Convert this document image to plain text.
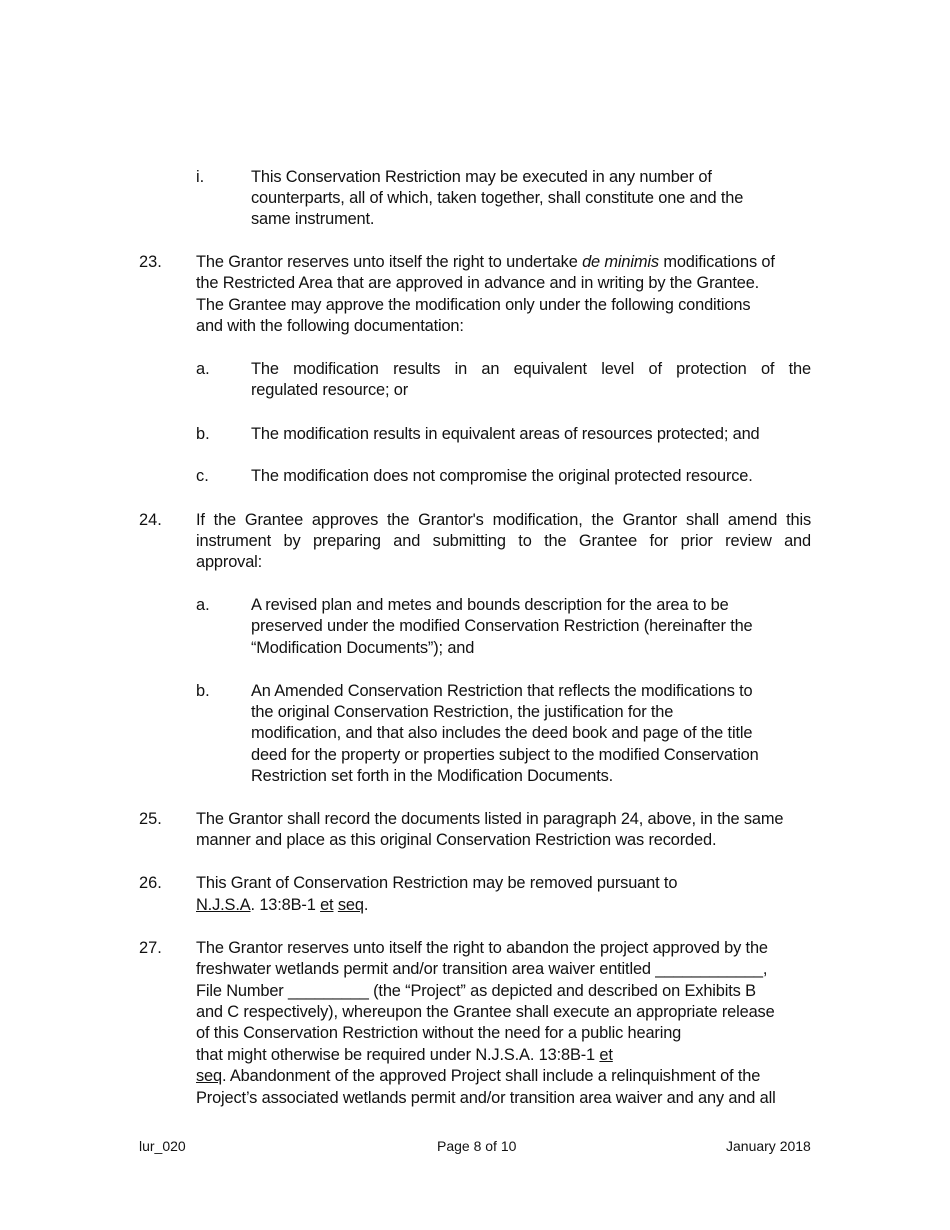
i.	This Conservation Restriction may be executed in any number of
counterparts, all of which, taken together, shall constitute one and the
same instrument.
23. The Grantor reserves unto itself the right to undertake de minimis modifications of
the Restricted Area that are approved in advance and in writing by the Grantee.
The Grantee may approve the modification only under the following conditions
and with the following documentation:
a.	The modification results in an equivalent level of protection of the
regulated resource; or
b.	The modification results in equivalent areas of resources protected; and
c.	The modification does not compromise the original protected resource.
24. If the Grantee approves the Grantor's modification, the Grantor shall amend this
instrument by preparing and submitting to the Grantee for prior review and
approval:
a.	A revised plan and metes and bounds description for the area to be
preserved under the modified Conservation Restriction (hereinafter the
“Modification Documents”); and
b.	An Amended Conservation Restriction that reflects the modifications to
the original Conservation Restriction, the justification for the
modification, and that also includes the deed book and page of the title
deed for the property or properties subject to the modified Conservation
Restriction set forth in the Modification Documents.
25. The Grantor shall record the documents listed in paragraph 24, above, in the same
manner and place as this original Conservation Restriction was recorded.
26. This Grant of Conservation Restriction may be removed pursuant to
N.J.S.A. 13:8B-1 et seq.
27. The Grantor reserves unto itself the right to abandon the project approved by the
freshwater wetlands permit and/or transition area waiver entitled ____________,
File Number _________ (the “Project” as depicted and described on Exhibits B
and C respectively), whereupon the Grantee shall execute an appropriate release
of this Conservation Restriction without the need for a public hearing
that might otherwise be required under N.J.S.A. 13:8B-1 et
seq. Abandonment of the approved Project shall include a relinquishment of the
Project’s associated wetlands permit and/or transition area waiver and any and all
lur_020	Page 8 of 10	January 2018
